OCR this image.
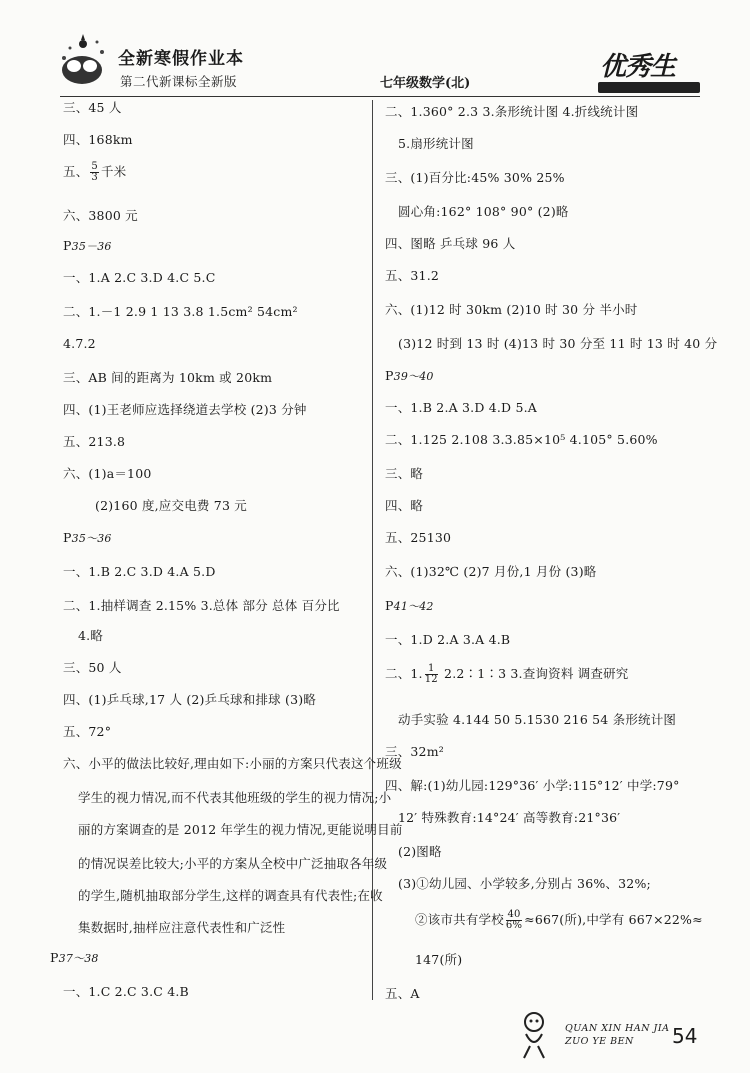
全新寒假作业本
第二代新课标全新版	七年级数学(北)
优秀生
三、45 人
四、168km
五、 $\frac{5}{3}$ 千米
六、3800 元
P35－36
一、1.A 2.C 3.D 4.C 5.C
二、1.－1 2.9 1 13 3.8 1.5cm² 54cm²
4.7.2
三、AB 间的距离为 10km 或 20km
四、(1)王老师应选择绕道去学校 (2)3 分钟
五、213.8
六、(1)a＝100
(2)160 度,应交电费 73 元
P35～36
一、1.B 2.C 3.D 4.A 5.D
二、1.抽样调查 2.15% 3.总体 部分 总体 百分比
4.略
三、50 人
四、(1)乒乓球,17 人 (2)乒乓球和排球 (3)略
五、72°
六、小平的做法比较好,理由如下:小丽的方案只代表这个班级
学生的视力情况,而不代表其他班级的学生的视力情况;小
丽的方案调查的是 2012 年学生的视力情况,更能说明目前
的情况误差比较大;小平的方案从全校中广泛抽取各年级
的学生,随机抽取部分学生,这样的调查具有代表性;在收
集数据时,抽样应注意代表性和广泛性
P37～38
一、1.C 2.C 3.C 4.B
二、1.360° 2.3 3.条形统计图 4.折线统计图
5.扇形统计图
三、(1)百分比:45% 30% 25%
圆心角:162° 108° 90° (2)略
四、图略 乒乓球 96 人
五、31.2
六、(1)12 时 30km (2)10 时 30 分 半小时
(3)12 时到 13 时 (4)13 时 30 分至 11 时 13 时 40 分
P39～40
一、1.B 2.A 3.D 4.D 5.A
二、1.125 2.108 3.3.85×10⁵ 4.105° 5.60%
三、略
四、略
五、25130
六、(1)32℃ (2)7 月份,1 月份 (3)略
P41～42
一、1.D 2.A 3.A 4.B
二、1. $\frac{1}{12}$ 2.2∶1∶3 3.查询资料 调查研究
动手实验 4.144 50 5.1530 216 54 条形统计图
三、32m²
四、解:(1)幼儿园:129°36′ 小学:115°12′ 中学:79°
12′ 特殊教育:14°24′ 高等教育:21°36′
(2)图略
(3)①幼儿园、小学较多,分别占 36%、32%;
②该市共有学校 $\frac{40}{6\%} \approx 667$(所),中学有 667×22%≈
147(所)
五、A
QUAN XIN HAN JIA
ZUO YE BEN 54
